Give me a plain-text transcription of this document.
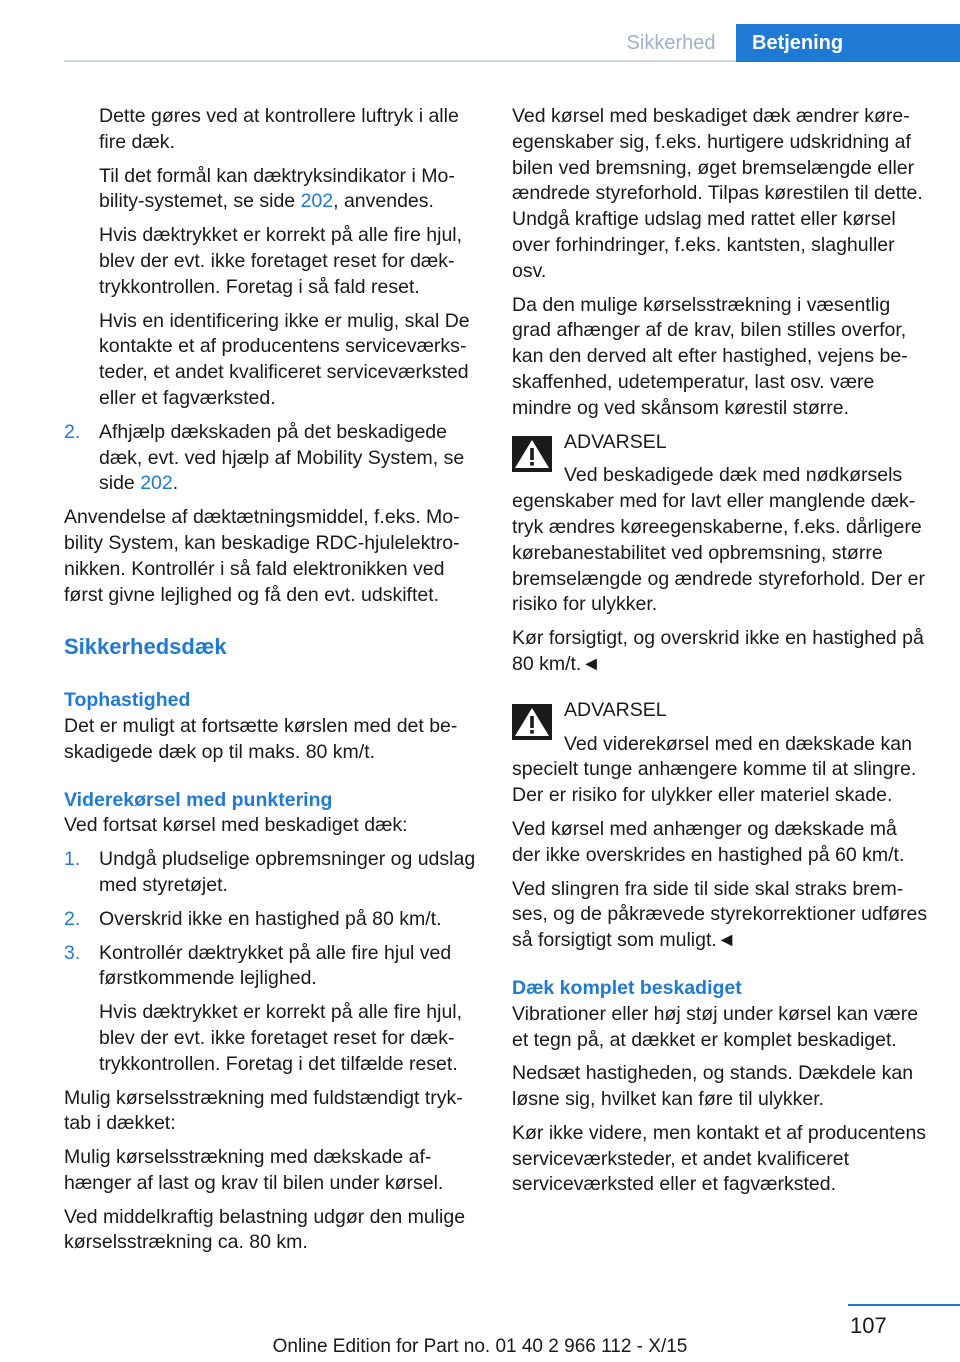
Sikkerhed	Betjening

Dette gøres ved at kontrollere luftryk i alle fire dæk.

Til det formål kan dæktryksindikator i Mobility-systemet, se side 202, anvendes.

Hvis dæktrykket er korrekt på alle fire hjul, blev der evt. ikke foretaget reset for dæktrykkontrollen. Foretag i så fald reset.

Hvis en identificering ikke er mulig, skal De kontakte et af producentens serviceværksteder, et andet kvalificeret serviceværksted eller et fagværksted.

2. Afhjælp dækskaden på det beskadigede dæk, evt. ved hjælp af Mobility System, se side 202.

Anvendelse af dæktætningsmiddel, f.eks. Mobility System, kan beskadige RDC-hjulelektronikken. Kontrollér i så fald elektronikken ved først givne lejlighed og få den evt. udskiftet.

Sikkerhedsdæk
Tophastighed

Det er muligt at fortsætte kørslen med det beskadigede dæk op til maks. 80 km/t.

Viderekørsel med punktering

Ved fortsat kørsel med beskadiget dæk:

1. Undgå pludselige opbremsninger og udslag med styretøjet.
2. Overskrid ikke en hastighed på 80 km/t.
3. Kontrollér dæktrykket på alle fire hjul ved førstkommende lejlighed.

Hvis dæktrykket er korrekt på alle fire hjul, blev der evt. ikke foretaget reset for dæktrykkontrollen. Foretag i det tilfælde reset.

Mulig kørselsstrækning med fuldstændigt tryktab i dækket:

Mulig kørselsstrækning med dækskade afhænger af last og krav til bilen under kørsel.

Ved middelkraftig belastning udgør den mulige kørselsstrækning ca. 80 km.

Ved kørsel med beskadiget dæk ændrer køreegenskaber sig, f.eks. hurtigere udskridning af bilen ved bremsning, øget bremselængde eller ændrede styreforhold. Tilpas kørestilen til dette. Undgå kraftige udslag med rattet eller kørsel over forhindringer, f.eks. kantsten, slaghuller osv.

Da den mulige kørselsstrækning i væsentlig grad afhænger af de krav, bilen stilles overfor, kan den derved alt efter hastighed, vejens beskaffenhed, udetemperatur, last osv. være mindre og ved skånsom kørestil større.

ADVARSEL

Ved beskadigede dæk med nødkørsels

egenskaber med for lavt eller manglende dæktryk ændres køreegenskaberne, f.eks. dårligere kørebanestabilitet ved opbremsning, større bremselængde og ændrede styreforhold. Der er risiko for ulykker.

Kør forsigtigt, og overskrid ikke en hastighed på 80 km/t.◄

ADVARSEL

Ved viderekørsel med en dækskade kan

specielt tunge anhængere komme til at slingre. Der er risiko for ulykker eller materiel skade.

Ved kørsel med anhænger og dækskade må der ikke overskrides en hastighed på 60 km/t.

Ved slingren fra side til side skal straks bremses, og de påkrævede styrekorrektioner udføres så forsigtigt som muligt.◄

Dæk komplet beskadiget

Vibrationer eller høj støj under kørsel kan være et tegn på, at dækket er komplet beskadiget.

Nedsæt hastigheden, og stands. Dækdele kan løsne sig, hvilket kan føre til ulykker.

Kør ikke videre, men kontakt et af producentens serviceværksteder, et andet kvalificeret serviceværksted eller et fagværksted.

107
Online Edition for Part no. 01 40 2 966 112 - X/15
